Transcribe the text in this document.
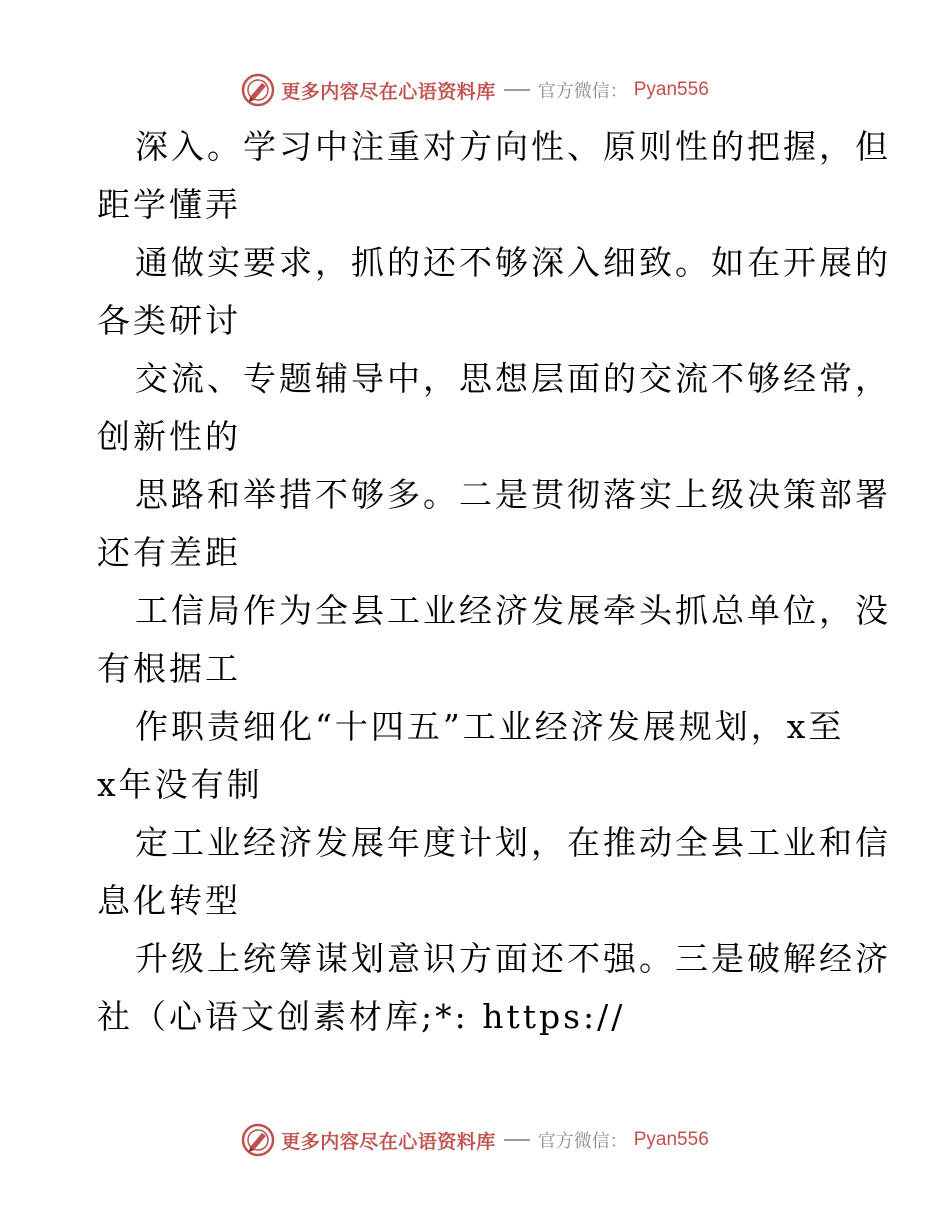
更多内容尽在心语资料库 官方微信： Pyan556
深入。学习中注重对方向性、原则性的把握，但
距学懂弄
通做实要求，抓的还不够深入细致。如在开展的
各类研讨
交流、专题辅导中，思想层面的交流不够经常，
创新性的
思路和举措不够多。二是贯彻落实上级决策部署
还有差距
工信局作为全县工业经济发展牵头抓总单位，没
有根据工
作职责细化“十四五”工业经济发展规划，x至
x年没有制
定工业经济发展年度计划，在推动全县工业和信
息化转型
升级上统筹谋划意识方面还不强。三是破解经济
社（心语文创素材库;*: https://
更多内容尽在心语资料库 官方微信： Pyan556
